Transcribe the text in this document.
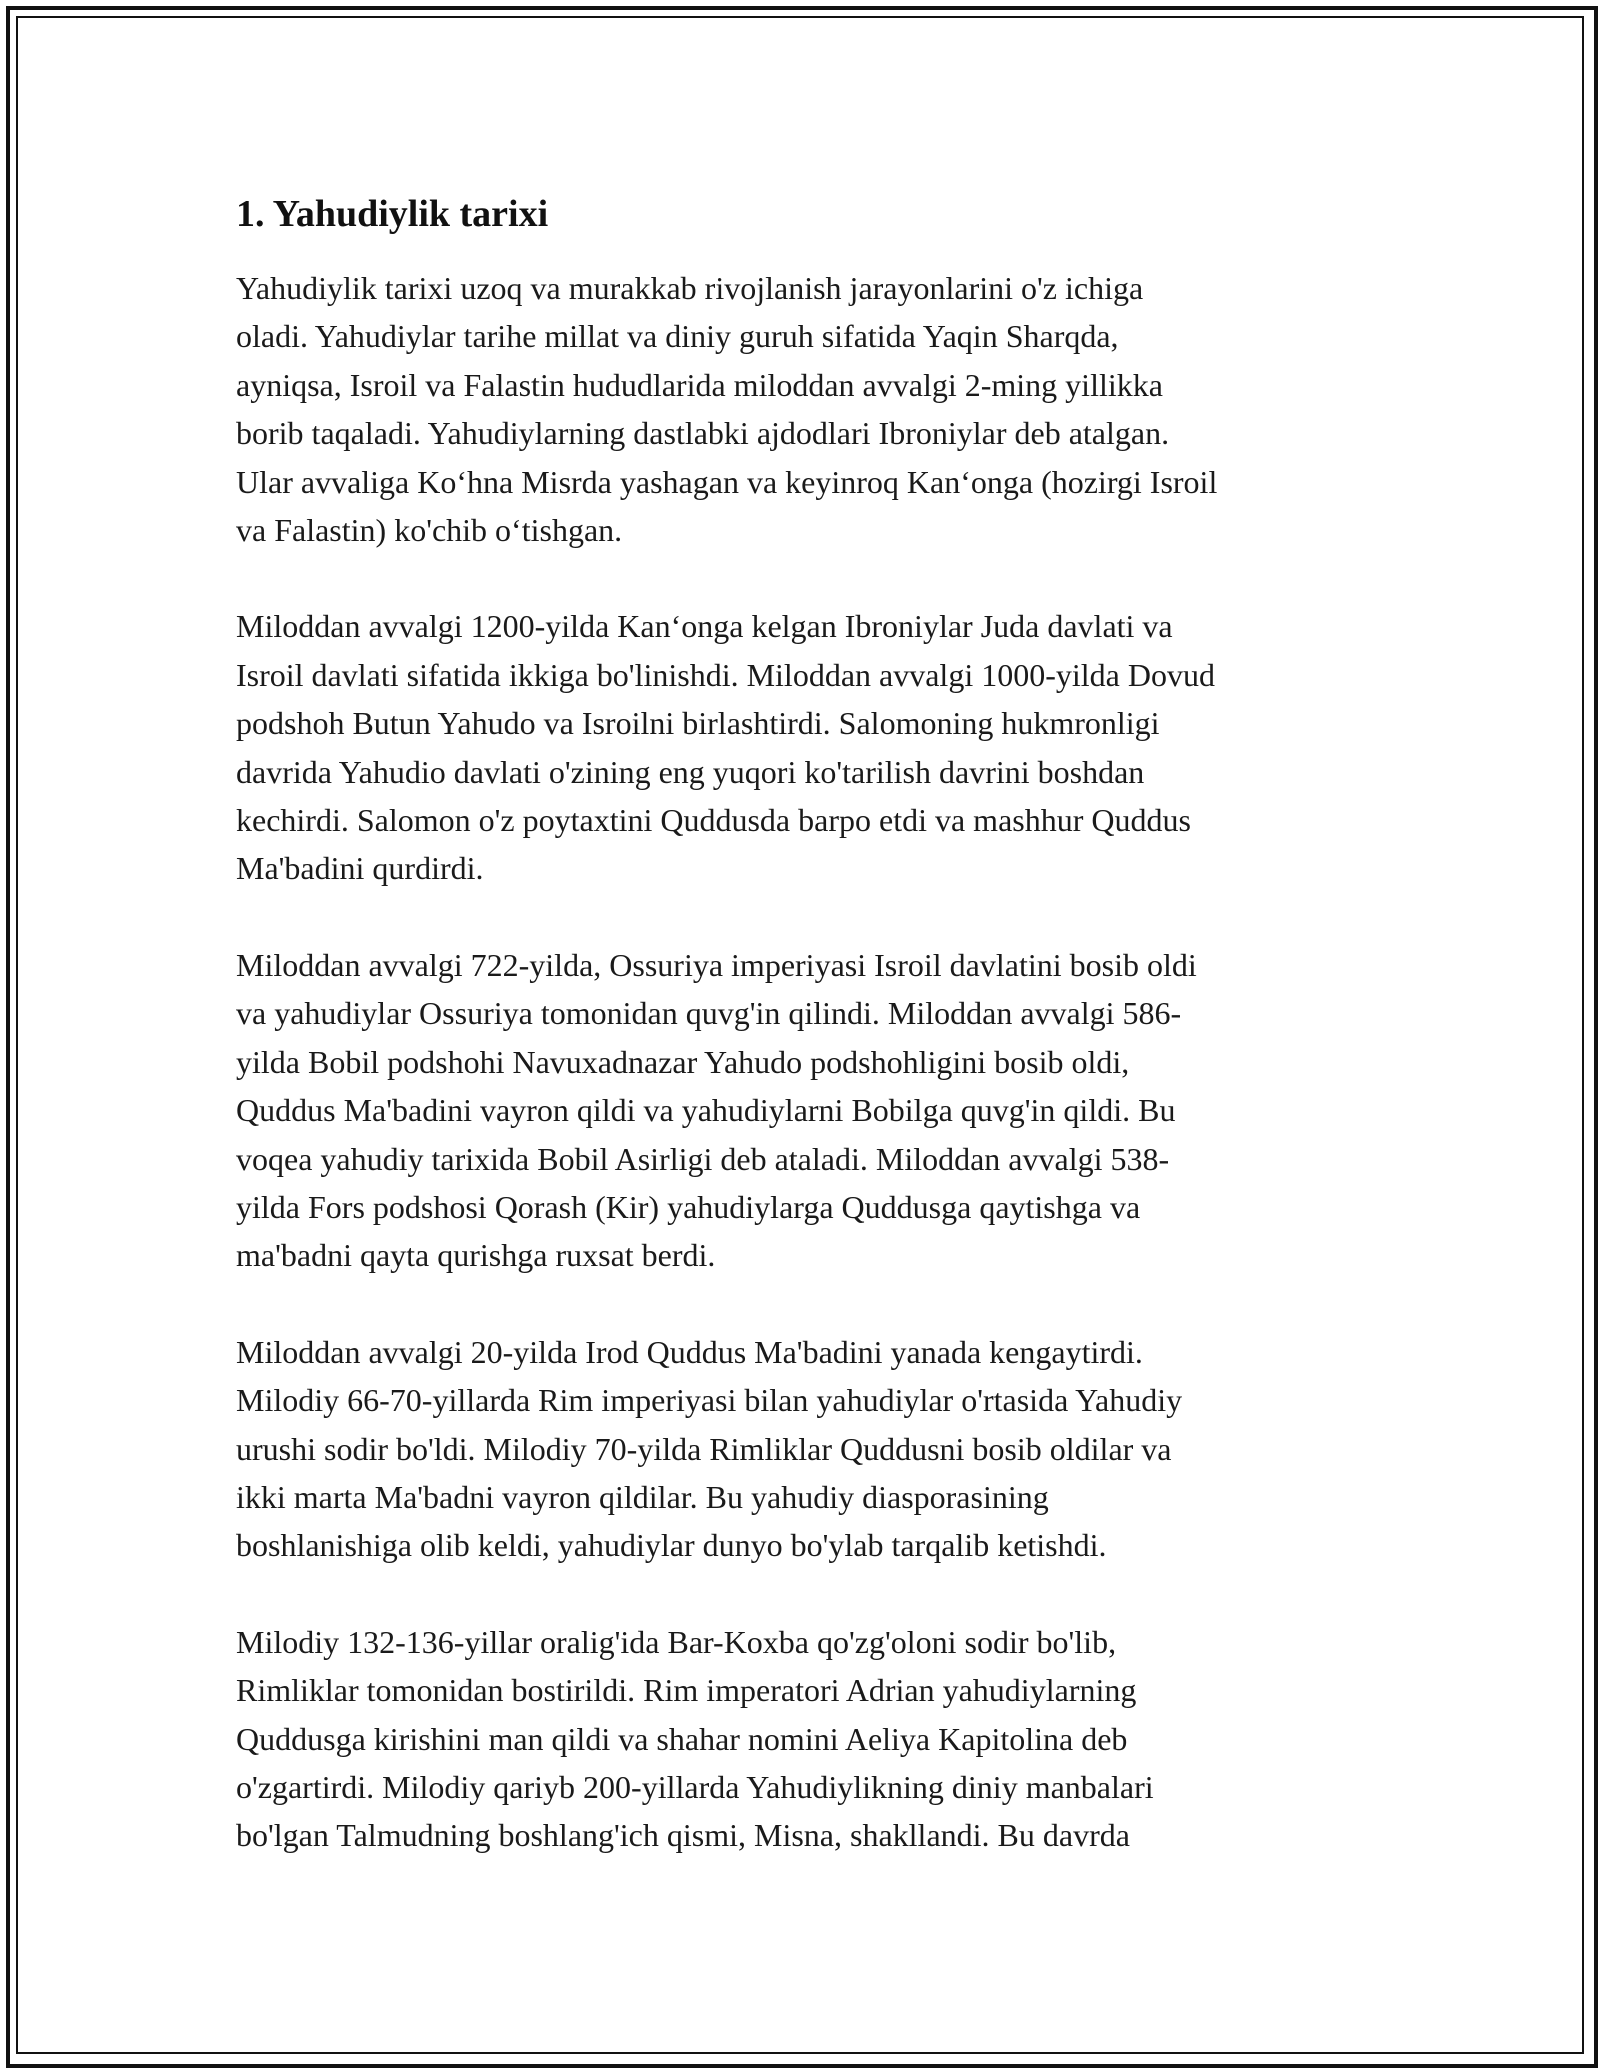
1. Yahudiylik tarixi

Yahudiylik tarixi uzoq va murakkab rivojlanish jarayonlarini o'z ichiga
oladi. Yahudiylar tarihe millat va diniy guruh sifatida Yaqin Sharqda,
ayniqsa, Isroil va Falastin hududlarida miloddan avvalgi 2-ming yillikka
borib taqaladi. Yahudiylarning dastlabki ajdodlari Ibroniylar deb atalgan.
Ular avvaliga Ko‘hna Misrda yashagan va keyinroq Kan‘onga (hozirgi Isroil
va Falastin) ko'chib o‘tishgan.

Miloddan avvalgi 1200-yilda Kan‘onga kelgan Ibroniylar Juda davlati va
Isroil davlati sifatida ikkiga bo'linishdi. Miloddan avvalgi 1000-yilda Dovud
podshoh Butun Yahudo va Isroilni birlashtirdi. Salomoning hukmronligi
davrida Yahudio davlati o'zining eng yuqori ko'tarilish davrini boshdan
kechirdi. Salomon o'z poytaxtini Quddusda barpo etdi va mashhur Quddus
Ma'badini qurdirdi.

Miloddan avvalgi 722-yilda, Ossuriya imperiyasi Isroil davlatini bosib oldi
va yahudiylar Ossuriya tomonidan quvg'in qilindi. Miloddan avvalgi 586-
yilda Bobil podshohi Navuxadnazar Yahudo podshohligini bosib oldi,
Quddus Ma'badini vayron qildi va yahudiylarni Bobilga quvg'in qildi. Bu
voqea yahudiy tarixida Bobil Asirligi deb ataladi. Miloddan avvalgi 538-
yilda Fors podshosi Qorash (Kir) yahudiylarga Quddusga qaytishga va
ma'badni qayta qurishga ruxsat berdi.

Miloddan avvalgi 20-yilda Irod Quddus Ma'badini yanada kengaytirdi.
Milodiy 66-70-yillarda Rim imperiyasi bilan yahudiylar o'rtasida Yahudiy
urushi sodir bo'ldi. Milodiy 70-yilda Rimliklar Quddusni bosib oldilar va
ikki marta Ma'badni vayron qildilar. Bu yahudiy diasporasining
boshlanishiga olib keldi, yahudiylar dunyo bo'ylab tarqalib ketishdi.

Milodiy 132-136-yillar oralig'ida Bar-Koxba qo'zg'oloni sodir bo'lib,
Rimliklar tomonidan bostirildi. Rim imperatori Adrian yahudiylarning
Quddusga kirishini man qildi va shahar nomini Aeliya Kapitolina deb
o'zgartirdi. Milodiy qariyb 200-yillarda Yahudiylikning diniy manbalari
bo'lgan Talmudning boshlang'ich qismi, Misna, shakllandi. Bu davrda
